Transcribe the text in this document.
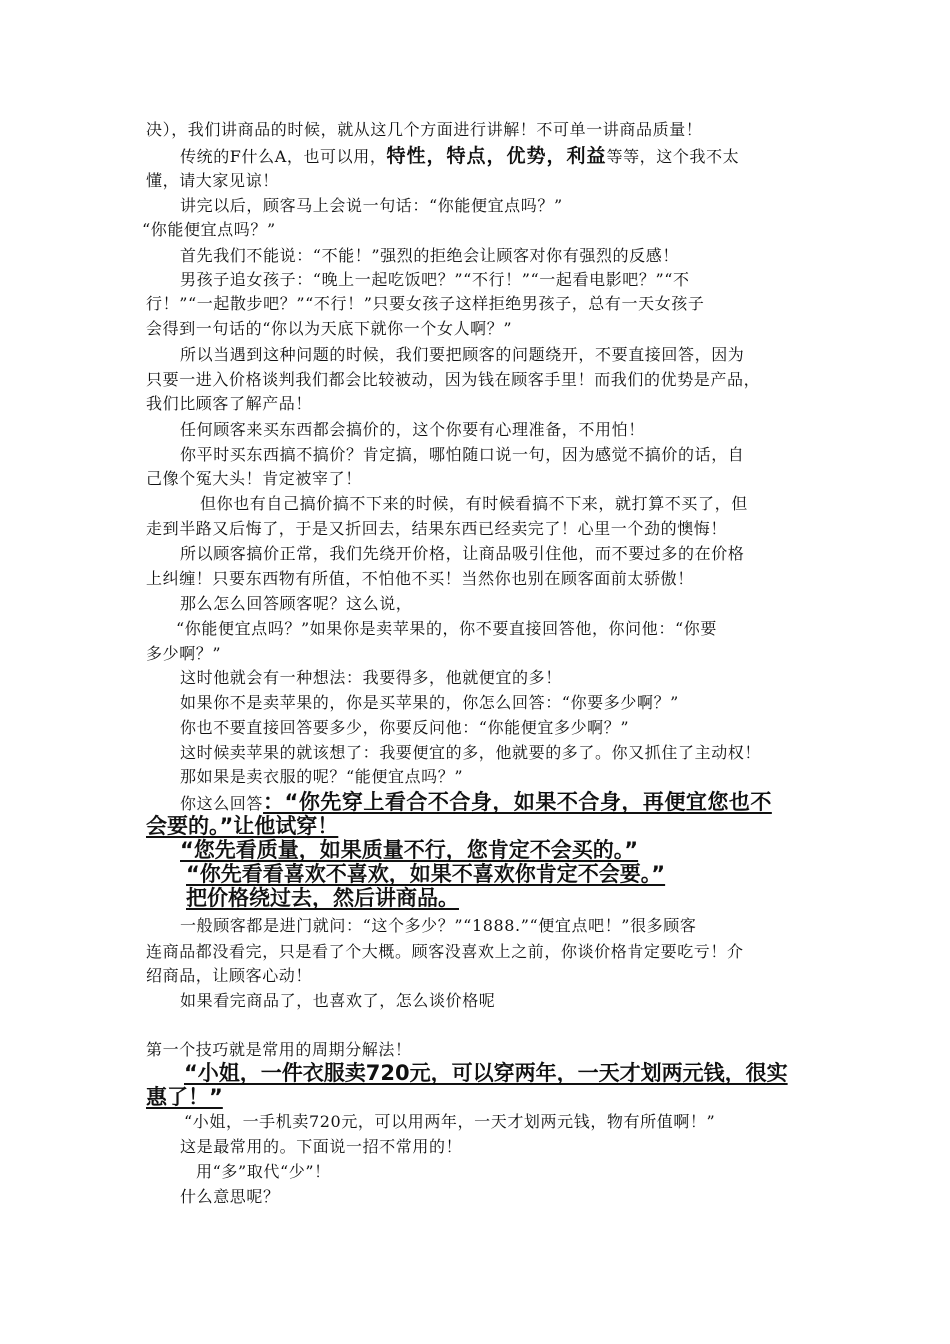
决），我们讲商品的时候，就从这几个方面进行讲解！不可单一讲商品质量！
传统的F什么A，也可以用，特性，特点，优势，利益等等，这个我不太
懂，请大家见谅！
讲完以后，顾客马上会说一句话：“你能便宜点吗？”
“你能便宜点吗？”
首先我们不能说：“不能！”强烈的拒绝会让顾客对你有强烈的反感！
男孩子追女孩子：“晚上一起吃饭吧？”“不行！”“一起看电影吧？”“不
行！”“一起散步吧？”“不行！”只要女孩子这样拒绝男孩子，总有一天女孩子
会得到一句话的“你以为天底下就你一个女人啊？”
所以当遇到这种问题的时候，我们要把顾客的问题绕开，不要直接回答，因为
只要一进入价格谈判我们都会比较被动，因为钱在顾客手里！而我们的优势是产品，
我们比顾客了解产品！
任何顾客来买东西都会搞价的，这个你要有心理准备，不用怕！
你平时买东西搞不搞价？肯定搞，哪怕随口说一句，因为感觉不搞价的话，自
己像个冤大头！肯定被宰了！
但你也有自己搞价搞不下来的时候，有时候看搞不下来，就打算不买了，但
走到半路又后悔了，于是又折回去，结果东西已经卖完了！心里一个劲的懊悔！
所以顾客搞价正常，我们先绕开价格，让商品吸引住他，而不要过多的在价格
上纠缠！只要东西物有所值，不怕他不买！当然你也别在顾客面前太骄傲！
那么怎么回答顾客呢？这么说，
“你能便宜点吗？”如果你是卖苹果的，你不要直接回答他，你问他：“你要
多少啊？”
这时他就会有一种想法：我要得多，他就便宜的多！
如果你不是卖苹果的，你是买苹果的，你怎么回答：“你要多少啊？”
你也不要直接回答要多少，你要反问他：“你能便宜多少啊？”
这时候卖苹果的就该想了：我要便宜的多，他就要的多了。你又抓住了主动权！
那如果是卖衣服的呢？“能便宜点吗？”
你这么回答：“你先穿上看合不合身，如果不合身，再便宜您也不
会要的。”让他试穿！
“您先看质量，如果质量不行，您肯定不会买的。”
“你先看看喜欢不喜欢，如果不喜欢你肯定不会要。”
把价格绕过去，然后讲商品。
一般顾客都是进门就问：“这个多少？”“1888.”“便宜点吧！”很多顾客
连商品都没看完，只是看了个大概。顾客没喜欢上之前，你谈价格肯定要吃亏！介
绍商品，让顾客心动！
如果看完商品了，也喜欢了，怎么谈价格呢
第一个技巧就是常用的周期分解法！
“小姐，一件衣服卖720元，可以穿两年，一天才划两元钱，很实
惠了！”
“小姐，一手机卖720元，可以用两年，一天才划两元钱，物有所值啊！”
这是最常用的。下面说一招不常用的！
用“多”取代“少”！
什么意思呢？
